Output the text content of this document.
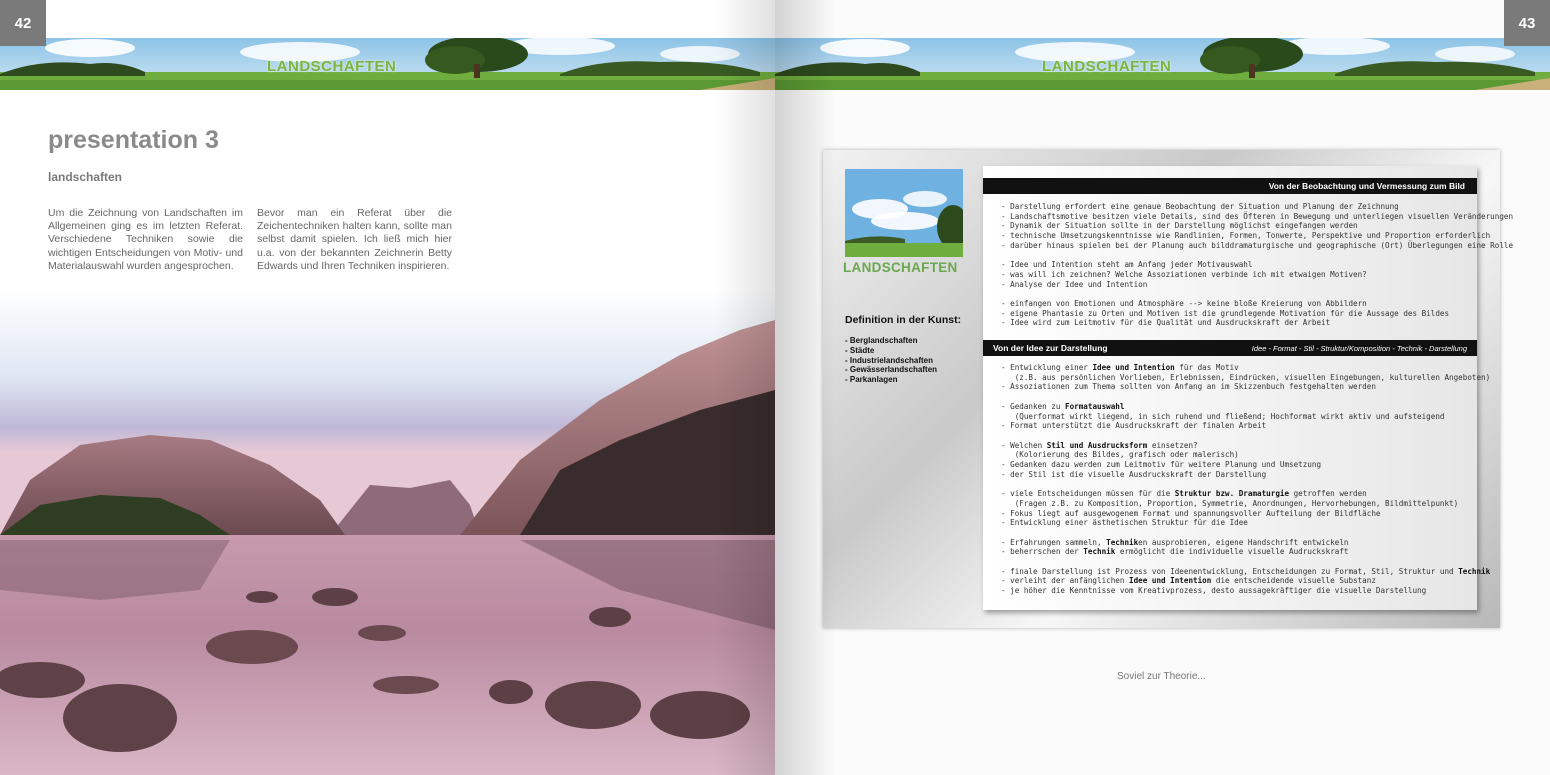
LANDSCHAFTEN
42
presentation 3
landschaften

Um die Zeichnung von Landschaften im Allgemeinen ging es im letzten Referat. Verschiedene Techniken sowie die wichtigen Entscheidungen von Motiv- und Materialauswahl wurden angesprochen.

Bevor man ein Referat über die Zeichentechniken halten kann, sollte man selbst damit spielen. Ich ließ mich hier u.a. von der bekannten Zeichnerin Betty Edwards und Ihren Techniken inspirieren.

LANDSCHAFTEN
43
LANDSCHAFTEN
Definition in der Kunst:
- Berglandschaften
- Städte
- Industrielandschaften
- Gewässerlandschaften
- Parkanlagen
Von der Beobachtung und Vermessung zum Bild
- Darstellung erfordert eine genaue Beobachtung der Situation und Planung der Zeichnung
- Landschaftsmotive besitzen viele Details, sind des Öfteren in Bewegung und unterliegen visuellen Veränderungen
- Dynamik der Situation sollte in der Darstellung möglichst eingefangen werden
- technische Umsetzungskenntnisse wie Randlinien, Formen, Tonwerte, Perspektive und Proportion erforderlich
- darüber hinaus spielen bei der Planung auch bilddramaturgische und geographische (Ort) Überlegungen eine Rolle

- Idee und Intention steht am Anfang jeder Motivauswahl
- was will ich zeichnen? Welche Assoziationen verbinde ich mit etwaigen Motiven?
- Analyse der Idee und Intention

- einfangen von Emotionen und Atmosphäre --> keine bloße Kreierung von Abbildern
- eigene Phantasie zu Orten und Motiven ist die grundlegende Motivation für die Aussage des Bildes
- Idee wird zum Leitmotiv für die Qualität und Ausdruckskraft der Arbeit
Von der Idee zur Darstellung	Idee - Format - Stil - Struktur/Komposition - Technik - Darstellung
- Entwicklung einer Idee und Intention für das Motiv
(z.B. aus persönlichen Vorlieben, Erlebnissen, Eindrücken, visuellen Eingebungen, kulturellen Angeboten)
- Assoziationen zum Thema sollten von Anfang an im Skizzenbuch festgehalten werden

- Gedanken zu Formatauswahl
(Querformat wirkt liegend, in sich ruhend und fließend; Hochformat wirkt aktiv und aufsteigend
- Format unterstützt die Ausdruckskraft der finalen Arbeit

- Welchen Stil und Ausdrucksform einsetzen?
(Kolorierung des Bildes, grafisch oder malerisch)
- Gedanken dazu werden zum Leitmotiv für weitere Planung und Umsetzung
- der Stil ist die visuelle Ausdruckskraft der Darstellung

- viele Entscheidungen müssen für die Struktur bzw. Dramaturgie getroffen werden
(Fragen z.B. zu Komposition, Proportion, Symmetrie, Anordnungen, Hervorhebungen, Bildmittelpunkt)
- Fokus liegt auf ausgewogenem Format und spannungsvoller Aufteilung der Bildfläche
- Entwicklung einer ästhetischen Struktur für die Idee

- Erfahrungen sammeln, Techniken ausprobieren, eigene Handschrift entwickeln
- beherrschen der Technik ermöglicht die individuelle visuelle Audruckskraft

- finale Darstellung ist Prozess von Ideenentwicklung, Entscheidungen zu Format, Stil, Struktur und Technik
- verleiht der anfänglichen Idee und Intention die entscheidende visuelle Substanz
- je höher die Kenntnisse vom Kreativprozess, desto aussagekräftiger die visuelle Darstellung
Soviel zur Theorie...
